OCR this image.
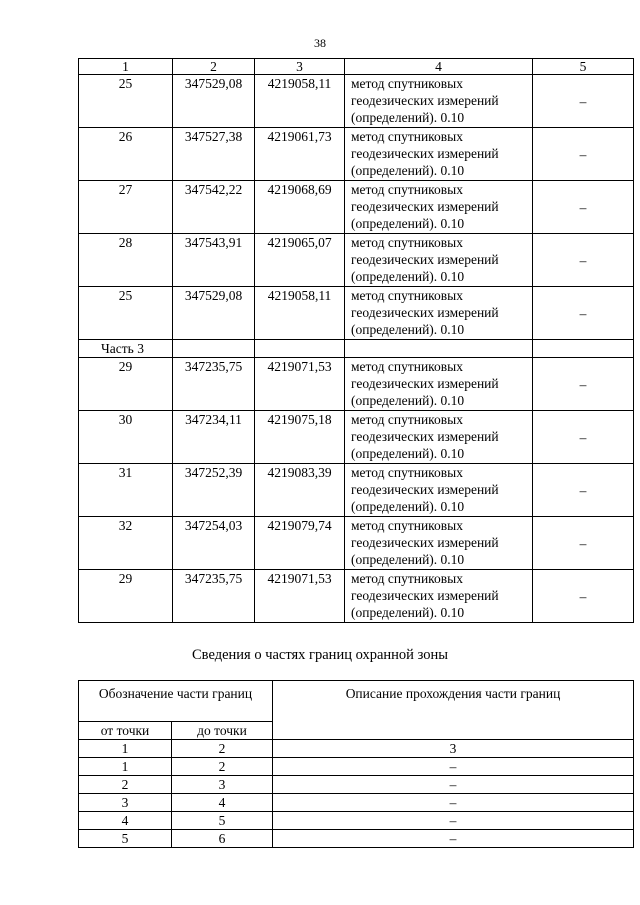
38
1	2	3	4	5
25	347529,08	4219058,11	метод спутниковых
геодезических измерений
(определений). 0.10	–
26	347527,38	4219061,73	метод спутниковых
геодезических измерений
(определений). 0.10	–
27	347542,22	4219068,69	метод спутниковых
геодезических измерений
(определений). 0.10	–
28	347543,91	4219065,07	метод спутниковых
геодезических измерений
(определений). 0.10	–
25	347529,08	4219058,11	метод спутниковых
геодезических измерений
(определений). 0.10	–
Часть 3				
29	347235,75	4219071,53	метод спутниковых
геодезических измерений
(определений). 0.10	–
30	347234,11	4219075,18	метод спутниковых
геодезических измерений
(определений). 0.10	–
31	347252,39	4219083,39	метод спутниковых
геодезических измерений
(определений). 0.10	–
32	347254,03	4219079,74	метод спутниковых
геодезических измерений
(определений). 0.10	–
29	347235,75	4219071,53	метод спутниковых
геодезических измерений
(определений). 0.10	–
Сведения о частях границ охранной зоны
Обозначение части границ		Описание прохождения части границ
от точки	до точки	
1	2	3
1	2	–
2	3	–
3	4	–
4	5	–
5	6	–
